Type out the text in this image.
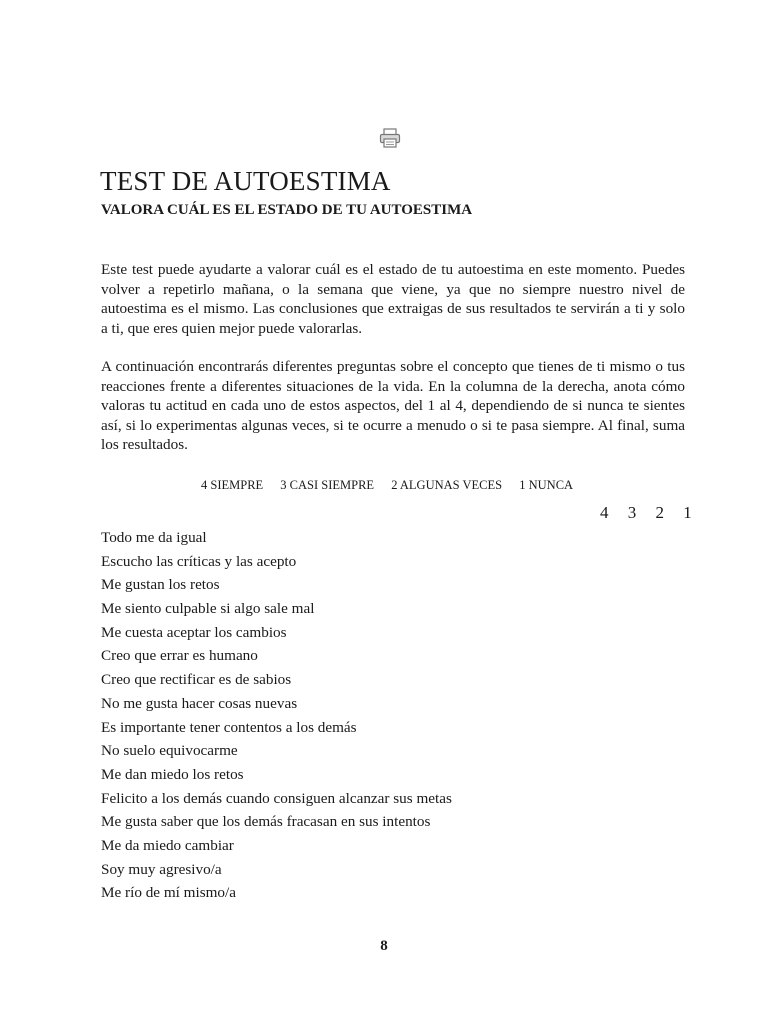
TEST DE AUTOESTIMA
VALORA CUÁL ES EL ESTADO DE TU AUTOESTIMA

Este test puede ayudarte a valorar cuál es el estado de tu autoestima en este momento. Puedes volver a repetirlo mañana, o la semana que viene, ya que no siempre nuestro nivel de autoestima es el mismo. Las conclusiones que extraigas de sus resultados te servirán a ti y solo a ti, que eres quien mejor puede valorarlas.

A continuación encontrarás diferentes preguntas sobre el concepto que tienes de ti mismo o tus reacciones frente a diferentes situaciones de la vida. En la columna de la derecha, anota cómo valoras tu actitud en cada uno de estos aspectos, del 1 al 4, dependiendo de si nunca te sientes así, si lo experimentas algunas veces, si te ocurre a menudo o si te pasa siempre. Al final, suma los resultados.

4 SIEMPRE 3 CASI SIEMPRE 2 ALGUNAS VECES 1 NUNCA
4 3 2 1
Todo me da igual
Escucho las críticas y las acepto
Me gustan los retos
Me siento culpable si algo sale mal
Me cuesta aceptar los cambios
Creo que errar es humano
Creo que rectificar es de sabios
No me gusta hacer cosas nuevas
Es importante tener contentos a los demás
No suelo equivocarme
Me dan miedo los retos
Felicito a los demás cuando consiguen alcanzar sus metas
Me gusta saber que los demás fracasan en sus intentos
Me da miedo cambiar
Soy muy agresivo/a
Me río de mí mismo/a
8
